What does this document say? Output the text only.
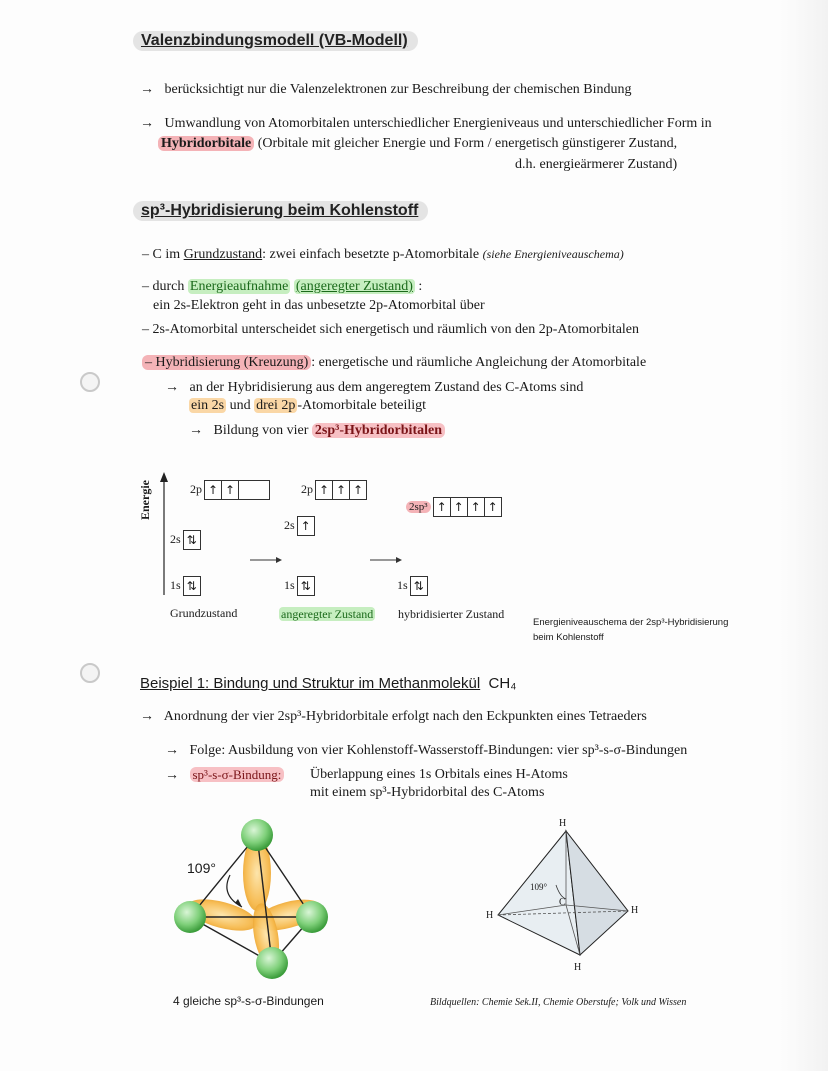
Valenzbindungsmodell (VB-Modell)
→ berücksichtigt nur die Valenzelektronen zur Beschreibung der chemischen Bindung
→ Umwandlung von Atomorbitalen unterschiedlicher Energieniveaus und unterschiedlicher Form in
Hybridorbitale (Orbitale mit gleicher Energie und Form / energetisch günstigerer Zustand,
d.h. energieärmerer Zustand)
sp³-Hybridisierung beim Kohlenstoff
– C im Grundzustand: zwei einfach besetzte p-Atomorbitale (siehe Energieniveauschema)
– durch Energieaufnahme (angeregter Zustand) :
ein 2s-Elektron geht in das unbesetzte 2p-Atomorbital über
– 2s-Atomorbital unterscheidet sich energetisch und räumlich von den 2p-Atomorbitalen
– Hybridisierung (Kreuzung) : energetische und räumliche Angleichung der Atomorbitale
→ an der Hybridisierung aus dem angeregtem Zustand des C-Atoms sind
ein 2s und drei 2p -Atomorbitale beteiligt
→ Bildung von vier 2sp³-Hybridorbitalen
Energie	2p ↑ ↑
2s ⇅
1s ⇅
2p ↑ ↑ ↑
2s ↑
1s ⇅
2sp³ ↑ ↑ ↑ ↑
1s ⇅
Grundzustand	angeregter Zustand hybridisierter Zustand
Energieniveauschema der 2sp³-Hybridisierung
beim Kohlenstoff
Beispiel 1: Bindung und Struktur im Methanmolekül CH₄
→ Anordnung der vier 2sp³-Hybridorbitale erfolgt nach den Eckpunkten eines Tetraeders
→ Folge: Ausbildung von vier Kohlenstoff-Wasserstoff-Bindungen: vier sp³-s-σ-Bindungen
→ sp³-s-σ-Bindung: Überlappung eines 1s Orbitals eines H-Atoms
mit einem sp³-Hybridorbital des C-Atoms
109°
H
H	H
H
C
109°
4 gleiche sp³-s-σ-Bindungen	Bildquellen: Chemie Sek.II, Chemie Oberstufe; Volk und Wissen
